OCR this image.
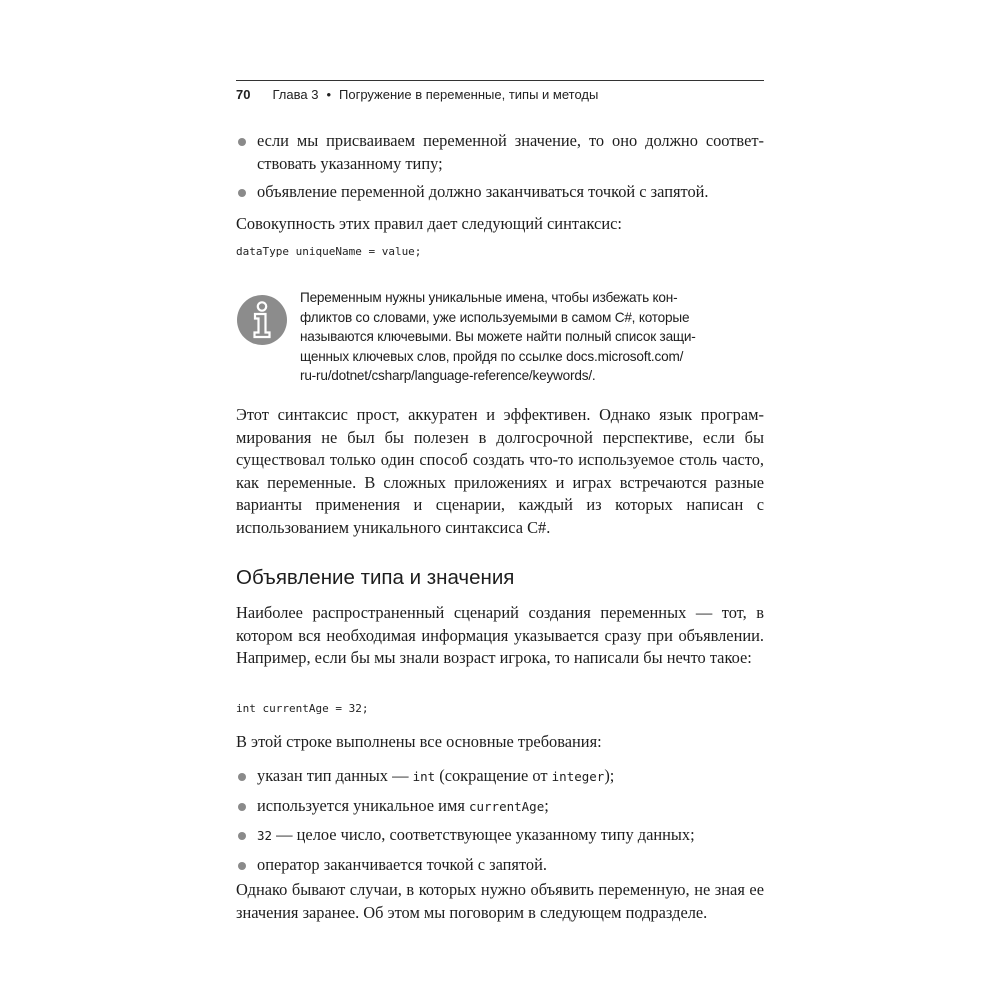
70 Глава 3 • Погружение в переменные, типы и методы
если мы присваиваем переменной значение, то оно должно соответствовать указанному типу;
объявление переменной должно заканчиваться точкой с запятой.

Совокупность этих правил дает следующий синтаксис:

dataType uniqueName = value;

Этот синтаксис прост, аккуратен и эффективен. Однако язык программирования не был бы полезен в долгосрочной перспективе, если бы существовал только один способ создать что-то используемое столь часто, как переменные. В сложных приложениях и играх встречаются разные варианты применения и сценарии, каждый из которых написан с использованием уникального синтаксиса C#.

Объявление типа и значения

Наиболее распространенный сценарий создания переменных — тот, в котором вся необходимая информация указывается сразу при объявлении. Например, если бы мы знали возраст игрока, то написали бы нечто такое:

int currentAge = 32;

В этой строке выполнены все основные требования:

указан тип данных — int (сокращение от integer);
используется уникальное имя currentAge;
32 — целое число, соответствующее указанному типу данных;
оператор заканчивается точкой с запятой.

Однако бывают случаи, в которых нужно объявить переменную, не зная ее значения заранее. Об этом мы поговорим в следующем подразделе.

Переменным нужны уникальные имена, чтобы избежать кон-
фликтов со словами, уже используемыми в самом C#, которые
называются ключевыми. Вы можете найти полный список защи-
щенных ключевых слов, пройдя по ссылке docs.microsoft.com/
ru-ru/dotnet/csharp/language-reference/keywords/.
